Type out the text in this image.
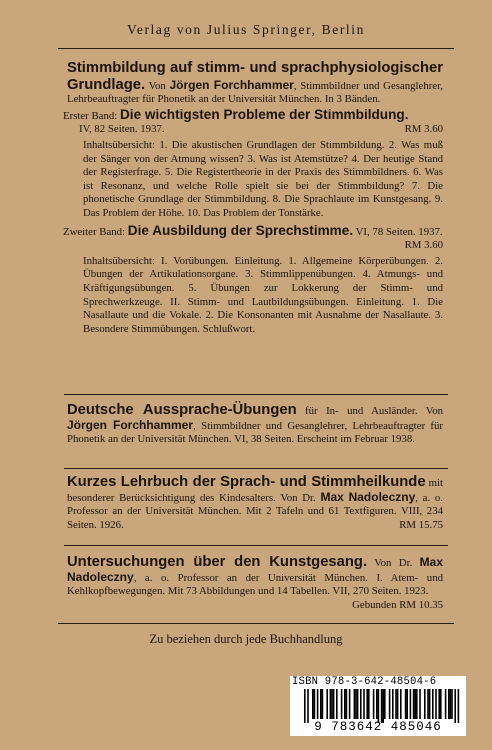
Verlag von Julius Springer, Berlin
Stimmbildung auf stimm- und sprachphysiologischer Grundlage. Von Jörgen Forchhammer, Stimmbildner und Gesanglehrer, Lehrbeauftragter für Phonetik an der Universität München. In 3 Bänden.
Erster Band: Die wichtigsten Probleme der Stimmbildung.
IV, 82 Seiten. 1937.	RM 3.60
Inhaltsübersicht: 1. Die akustischen Grundlagen der Stimmbildung. 2. Was muß der Sänger von der Atmung wissen? 3. Was ist Atemstütze? 4. Der heutige Stand der Registerfrage. 5. Die Registertheorie in der Praxis des Stimmbildners. 6. Was ist Resonanz, und welche Rolle spielt sie bei der Stimmbildung? 7. Die phonetische Grundlage der Stimmbildung. 8. Die Sprachlaute im Kunstgesang. 9. Das Problem der Höhe. 10. Das Problem der Tonstärke.
Zweiter Band: Die Ausbildung der Sprechstimme. VI, 78 Seiten. 1937.
RM 3.60
Inhaltsübersicht: I. Vorübungen. Einleitung. 1. Allgemeine Körperübungen. 2. Übungen der Artikulationsorgane. 3. Stimmlippenübungen. 4. Atmungs- und Kräftigungsübungen. 5. Übungen zur Lokkerung der Stimm- und Sprechwerkzeuge. II. Stimm- und Lautbildungsübungen. Einleitung. 1. Die Nasallaute und die Vokale. 2. Die Konsonanten mit Ausnahme der Nasallaute. 3. Besondere Stimmübungen. Schlußwort.
Deutsche Aussprache-Übungen für In- und Ausländer. Von Jörgen Forchhammer, Stimmbildner und Gesanglehrer, Lehrbeauftragter für Phonetik an der Universität München. VI, 38 Seiten. Erscheint im Februar 1938.
Kurzes Lehrbuch der Sprach- und Stimmheilkunde mit besonderer Berücksichtigung des Kindesalters. Von Dr. Max Nadoleczny, a. o. Professor an der Universität München. Mit 2 Tafeln und 61 Textfiguren. VIII, 234 Seiten. 1926.	RM 15.75
Untersuchungen über den Kunstgesang. Von Dr. Max Nadoleczny, a. o. Professor an der Universität München. I. Atem- und Kehlkopfbewegungen. Mit 73 Abbildungen und 14 Tabellen. VII, 270 Seiten. 1923.
Gebunden RM 10.35
Zu beziehen durch jede Buchhandlung
ISBN 978-3-642-48504-6
9 783642 485046
